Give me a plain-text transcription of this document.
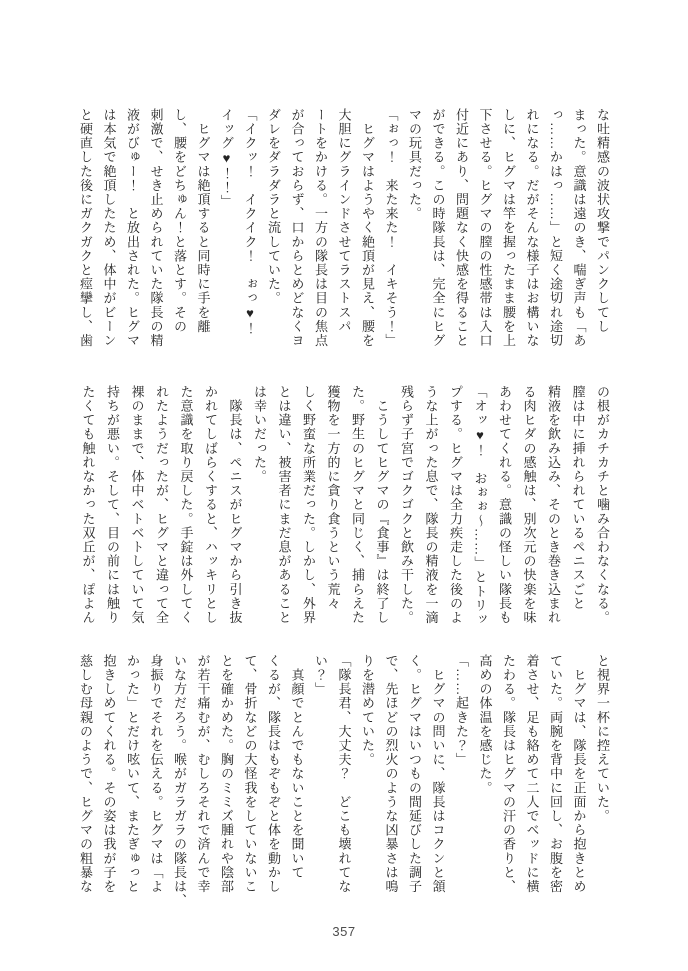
な吐精感の波状攻撃でパンクしてし

まった。意識は遠のき、喘ぎ声も「あ

っ……かはっ……」と短く途切れ途切

れになる。だがそんな様子はお構いな

しに、ヒグマは竿を握ったまま腰を上

下させる。ヒグマの膣の性感帯は入口

付近にあり、問題なく快感を得ること

ができる。この時隊長は、完全にヒグ

マの玩具だった。

「ぉっ！　来た来た！　イキそう！」

　ヒグマはようやく絶頂が見え、腰を

大胆にグラインドさせてラストスパ

ートをかける。一方の隊長は目の焦点

が合っておらず、口からとめどなくヨ

ダレをダラダラと流していた。

「イクッ！　イクイク！　ぉっ♥！

イッグ♥！！」

　ヒグマは絶頂すると同時に手を離

し、腰をどちゅん！と落とす。その

刺激で、せき止められていた隊長の精

液がびゅー！　と放出された。ヒグマ

は本気で絶頂したため、体中がビーン

と硬直した後にガクガクと痙攣し、歯

の根がカチカチと噛み合わなくなる。

膣は中に挿れられているペニスごと

精液を飲み込み、そのとき巻き込まれ

る肉ヒダの感触は、別次元の快楽を味

あわせてくれる。意識の怪しい隊長も

「オッ♥！　おぉぉ〜……」とトリッ

プする。ヒグマは全力疾走した後のよ

うな上がった息で、隊長の精液を一滴

残らず子宮でゴクゴクと飲み干した。

　こうしてヒグマの『食事』は終了し

た。野生のヒグマと同じく、捕らえた

獲物を一方的に貪り食うという荒々

しく野蛮な所業だった。しかし、外界

とは違い、被害者にまだ息があること

は幸いだった。

　隊長は、ペニスがヒグマから引き抜

かれてしばらくすると、ハッキリとし

た意識を取り戻した。手錠は外してく

れたようだったが、ヒグマと違って全

裸のままで、体中ベトベトしていて気

持ちが悪い。そして、目の前には触り

たくても触れなかった双丘が、ぽよん

と視界一杯に控えていた。

　ヒグマは、隊長を正面から抱きとめ

ていた。両腕を背中に回し、お腹を密

着させ、足も絡めて二人でベッドに横

たわる。隊長はヒグマの汗の香りと、

高めの体温を感じた。

「……起きた？」

　ヒグマの問いに、隊長はコクンと頷

く。ヒグマはいつもの間延びした調子

で、先ほどの烈火のような凶暴さは鳴

りを潜めていた。

「隊長君、大丈夫？　どこも壊れてな

い？」

　真顔でとんでもないことを聞いて

くるが、隊長はもぞもぞと体を動かし

て、骨折などの大怪我をしていないこ

とを確かめた。胸のミミズ腫れや陰部

が若干痛むが、むしろそれで済んで幸

いな方だろう。喉がガラガラの隊長は、

身振りでそれを伝える。ヒグマは「よ

かった」とだけ呟いて、またぎゅっと

抱きしめてくれる。その姿は我が子を

慈しむ母親のようで、ヒグマの粗暴な

357
